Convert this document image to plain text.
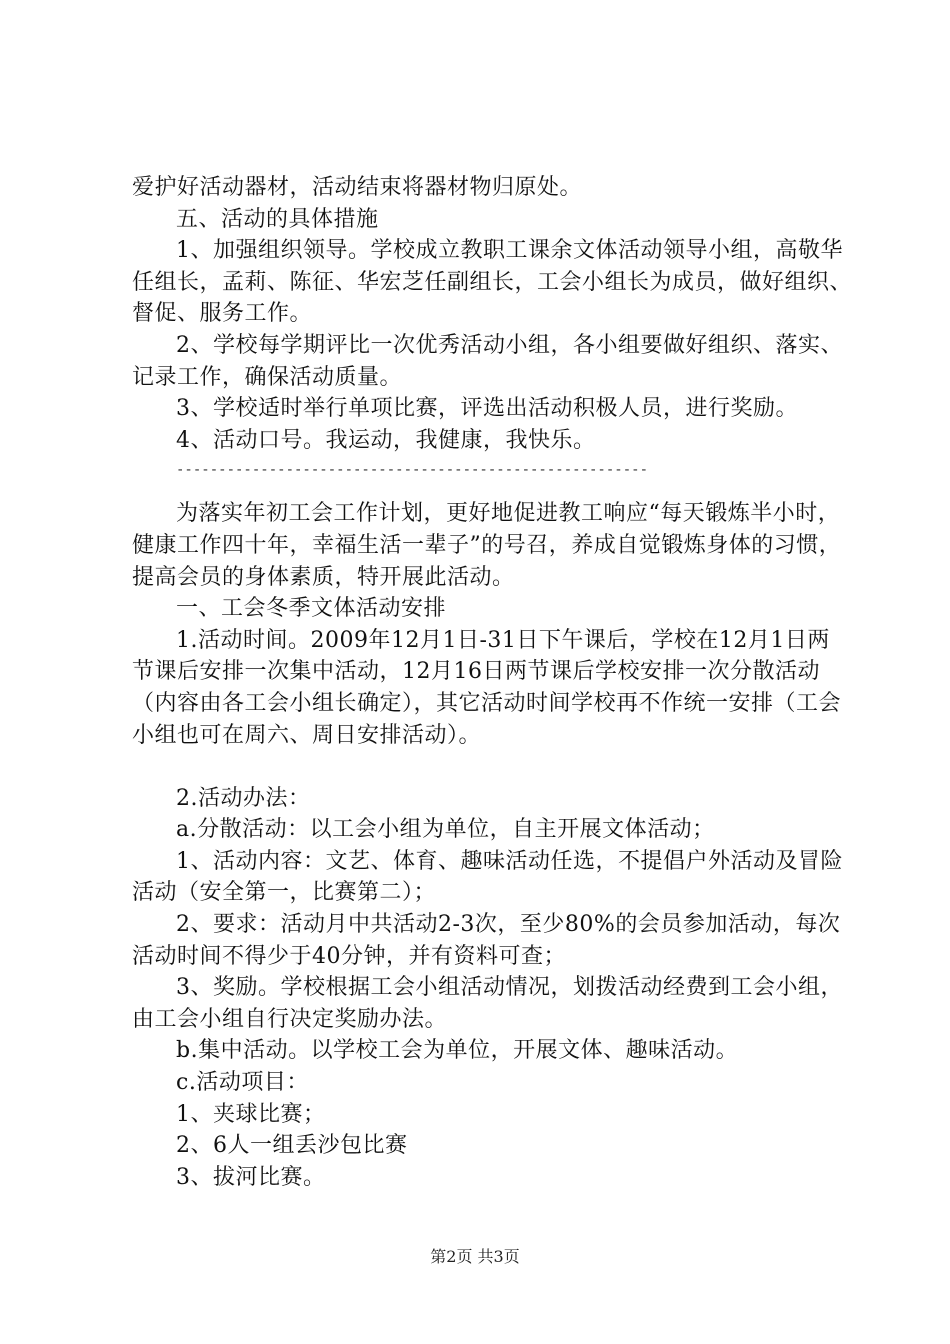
爱护好活动器材，活动结束将器材物归原处。

五、活动的具体措施

1、加强组织领导。学校成立教职工课余文体活动领导小组，高敬华任组长，孟莉、陈征、华宏芝任副组长，工会小组长为成员，做好组织、督促、服务工作。

2、学校每学期评比一次优秀活动小组，各小组要做好组织、落实、记录工作，确保活动质量。

3、学校适时举行单项比赛，评选出活动积极人员，进行奖励。

4、活动口号。我运动，我健康，我快乐。

--------------------------------------------------------

为落实年初工会工作计划，更好地促进教工响应“每天锻炼半小时，健康工作四十年，幸福生活一辈子”的号召，养成自觉锻炼身体的习惯，提高会员的身体素质，特开展此活动。

一、工会冬季文体活动安排

1.活动时间。2009年12月1日-31日下午课后，学校在12月1日两节课后安排一次集中活动，12月16日两节课后学校安排一次分散活动（内容由各工会小组长确定），其它活动时间学校再不作统一安排（工会小组也可在周六、周日安排活动）。

2.活动办法：

a.分散活动：以工会小组为单位，自主开展文体活动；

1、活动内容：文艺、体育、趣味活动任选，不提倡户外活动及冒险活动（安全第一，比赛第二）；

2、要求：活动月中共活动2-3次，至少80%的会员参加活动，每次活动时间不得少于40分钟，并有资料可查；

3、奖励。学校根据工会小组活动情况，划拨活动经费到工会小组，由工会小组自行决定奖励办法。

b.集中活动。以学校工会为单位，开展文体、趣味活动。

c.活动项目：

1、夹球比赛；

2、6人一组丢沙包比赛

3、拔河比赛。

第2页 共3页
